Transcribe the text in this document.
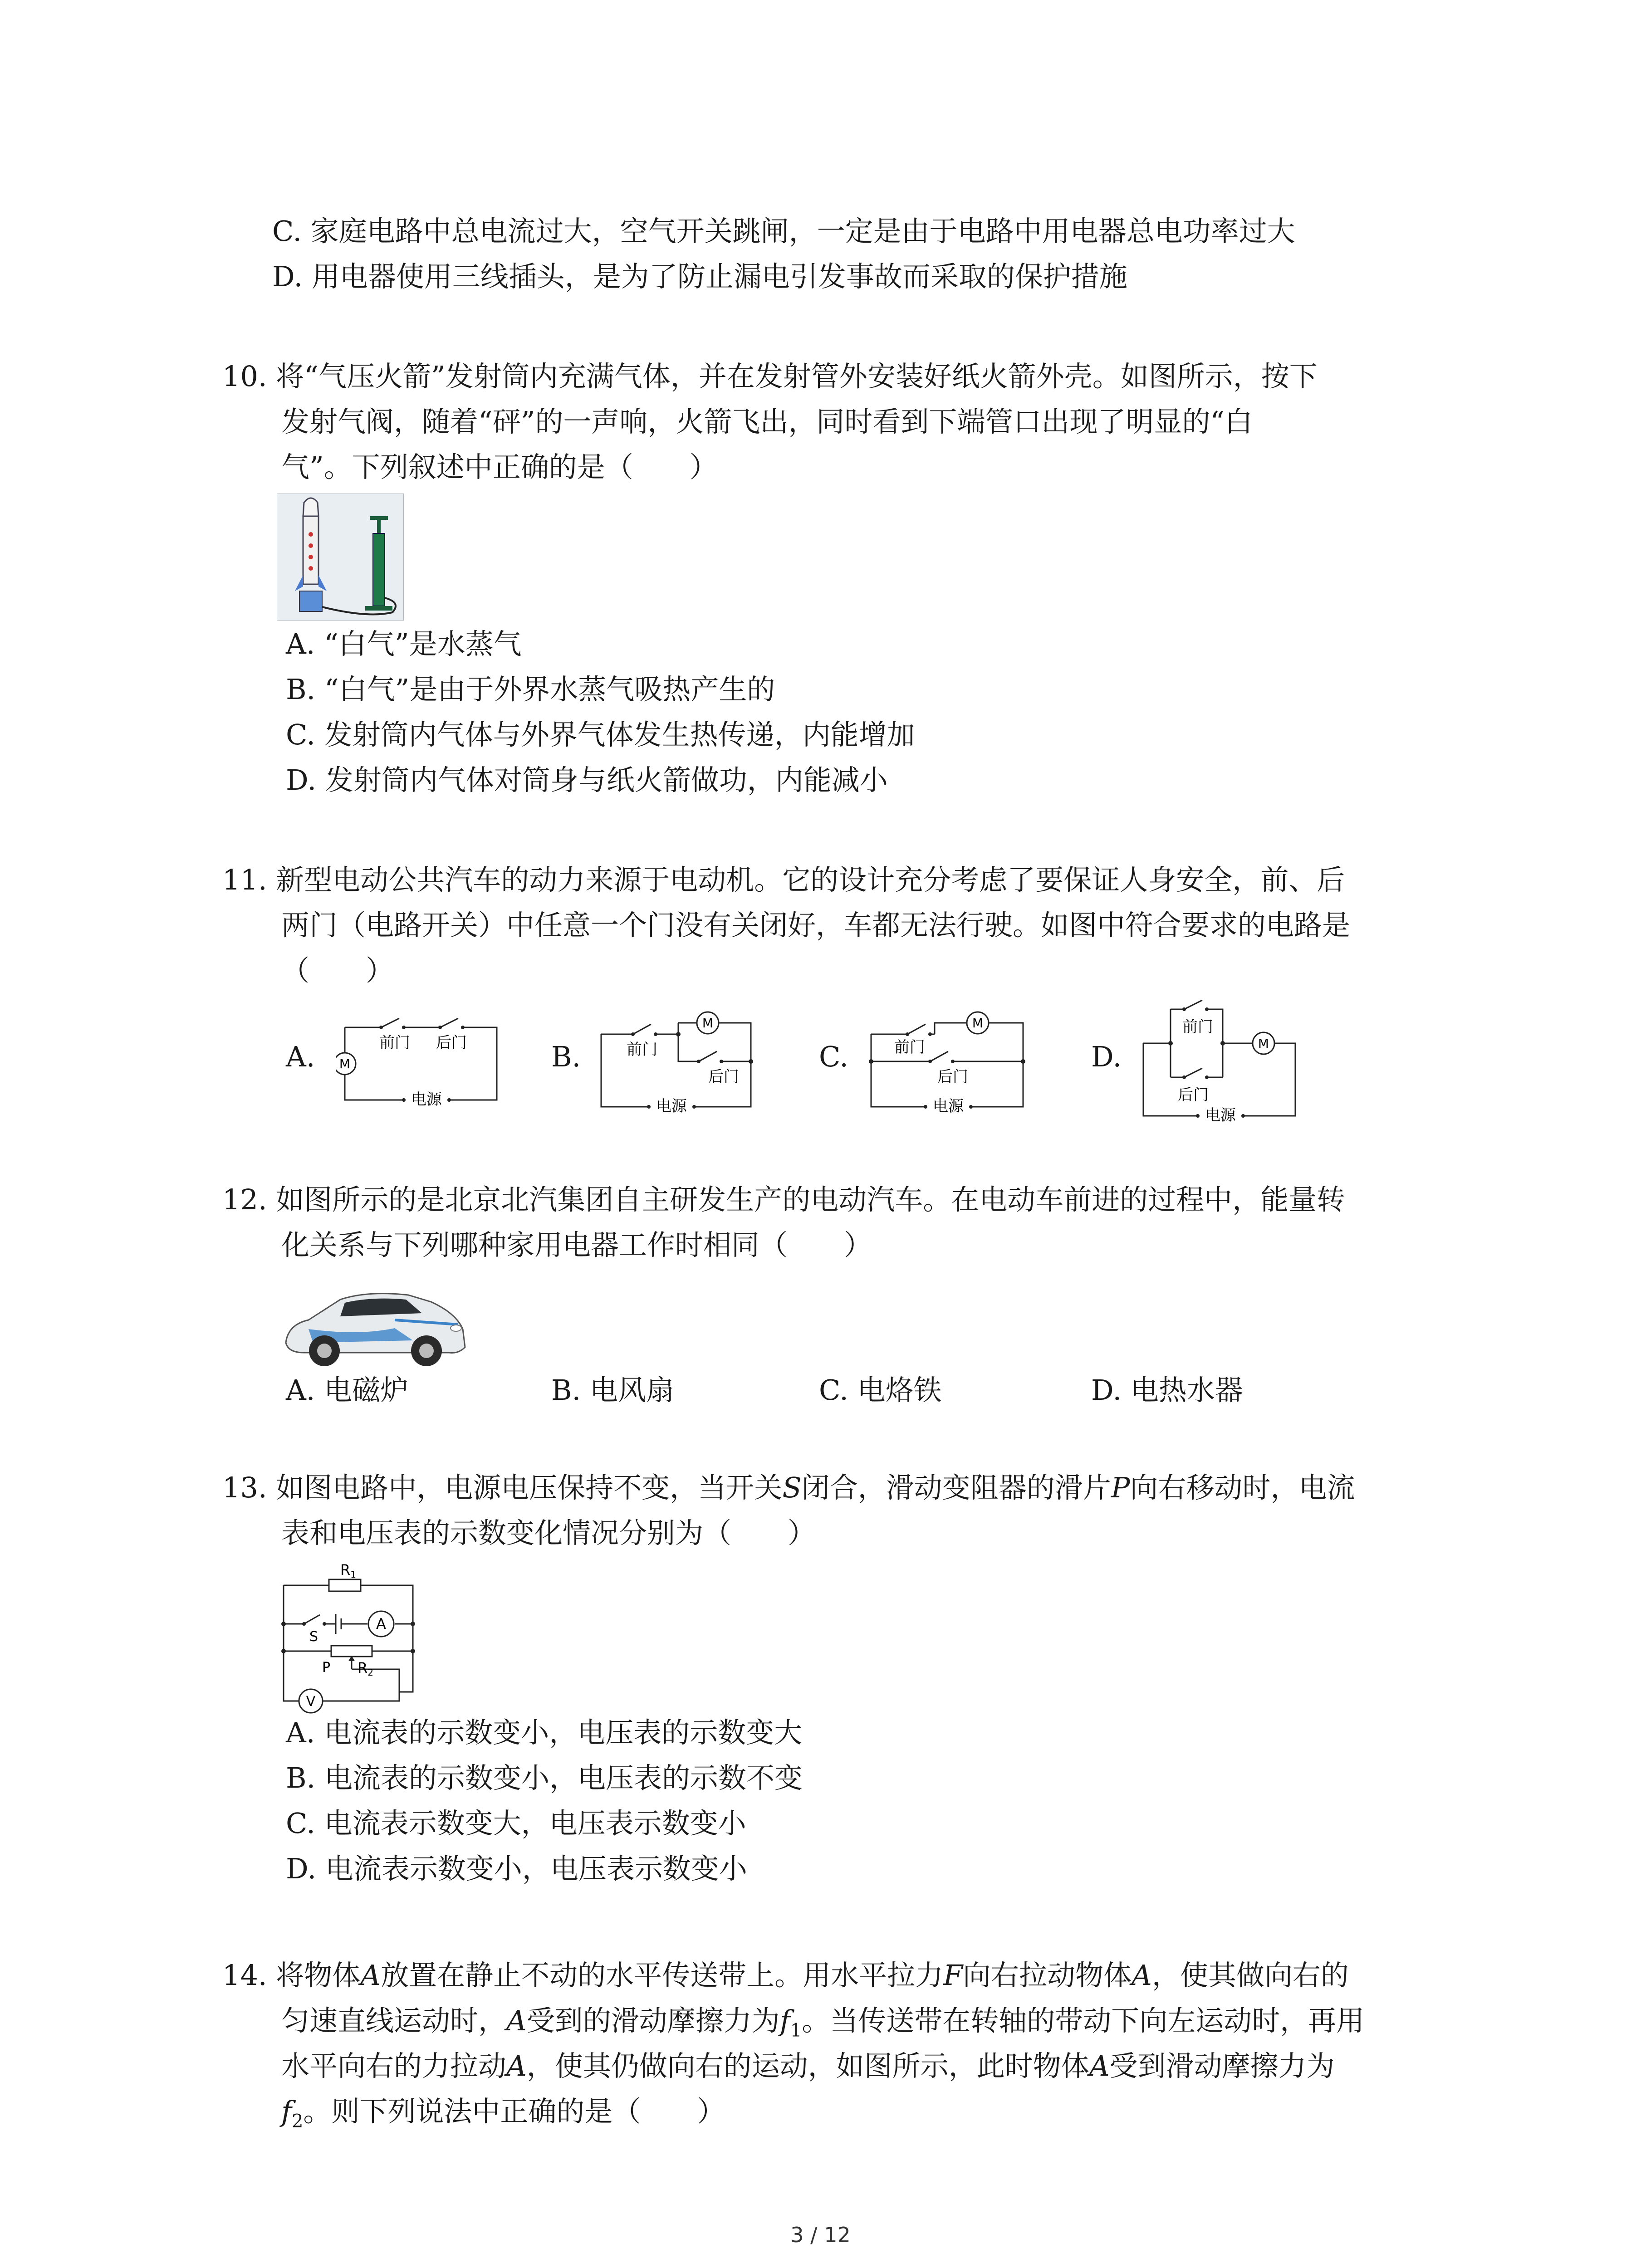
C. 家庭电路中总电流过大，空气开关跳闸，一定是由于电路中用电器总电功率过大
D. 用电器使用三线插头，是为了防止漏电引发事故而采取的保护措施
10. 将“气压火箭”发射筒内充满气体，并在发射管外安装好纸火箭外壳。如图所示，按下
发射气阀，随着“砰”的一声响，火箭飞出，同时看到下端管口出现了明显的“白
气”。下列叙述中正确的是（　　）
A. “白气”是水蒸气
B. “白气”是由于外界水蒸气吸热产生的
C. 发射筒内气体与外界气体发生热传递，内能增加
D. 发射筒内气体对筒身与纸火箭做功，内能减小
11. 新型电动公共汽车的动力来源于电动机。它的设计充分考虑了要保证人身安全，前、后
两门（电路开关）中任意一个门没有关闭好，车都无法行驶。如图中符合要求的电路是
（　　）
A. M
前门 后门
电源
B.
M
前门
后门
电源
C.
M
前门
后门
电源
D.	M
前门
后门
电源
12. 如图所示的是北京北汽集团自主研发生产的电动汽车。在电动车前进的过程中，能量转
化关系与下列哪种家用电器工作时相同（　　）
A. 电磁炉	B. 电风扇	C. 电烙铁	D. 电热水器
13. 如图电路中，电源电压保持不变，当开关S闭合，滑动变阻器的滑片P向右移动时，电流
表和电压表的示数变化情况分别为（　　）
A
V
R1
S
P R2
A. 电流表的示数变小，电压表的示数变大
B. 电流表的示数变小，电压表的示数不变
C. 电流表示数变大，电压表示数变小
D. 电流表示数变小，电压表示数变小
14. 将物体A放置在静止不动的水平传送带上。用水平拉力F向右拉动物体A，使其做向右的
匀速直线运动时，A受到的滑动摩擦力为$f_1$。当传送带在转轴的带动下向左运动时，再用
水平向右的力拉动A，使其仍做向右的运动，如图所示，此时物体A受到滑动摩擦力为
$f_2$。则下列说法中正确的是（　　）
3 / 12
